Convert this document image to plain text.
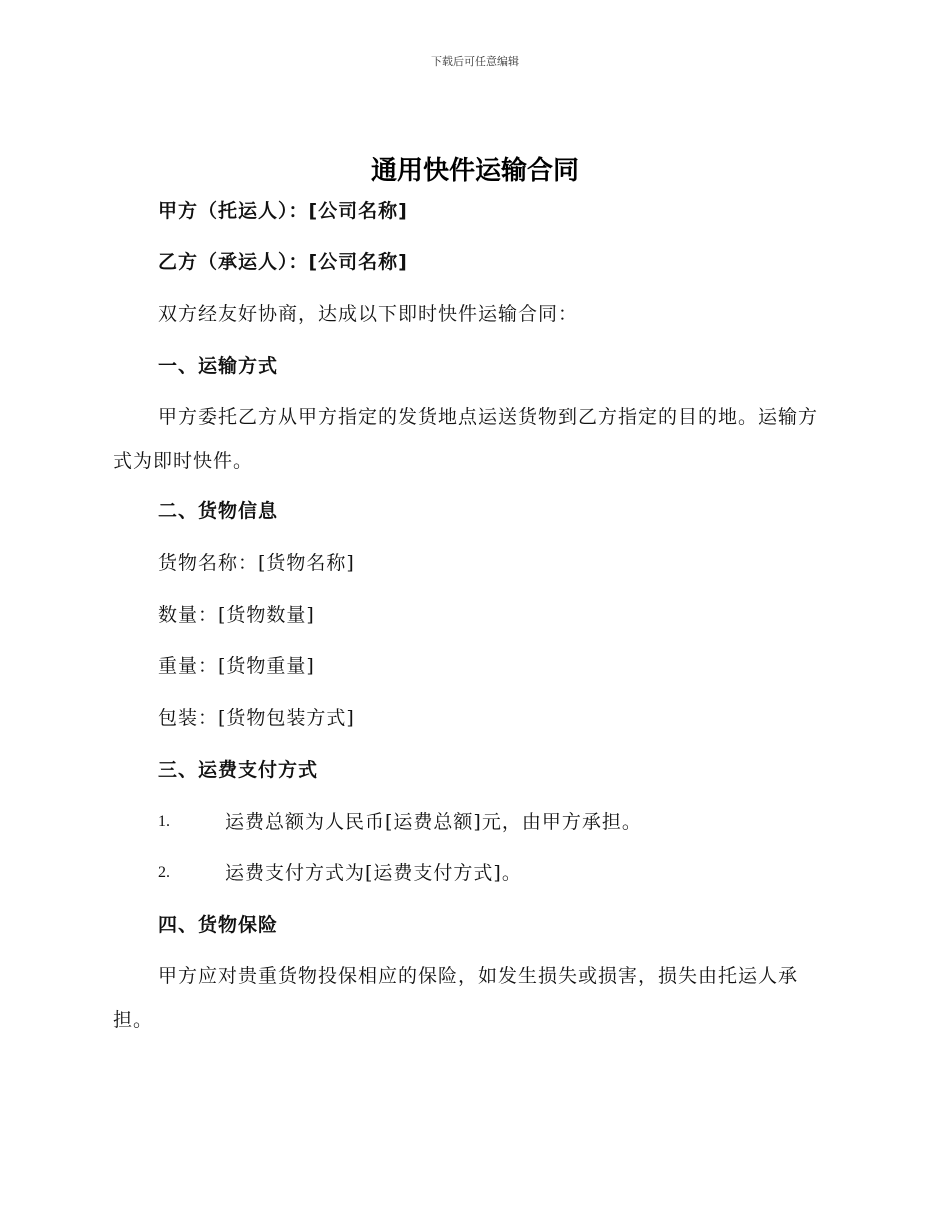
下载后可任意编辑
通用快件运输合同
甲方（托运人）：[公司名称]
乙方（承运人）：[公司名称]
双方经友好协商，达成以下即时快件运输合同：
一、运输方式
甲方委托乙方从甲方指定的发货地点运送货物到乙方指定的目的地。运输方式为即时快件。
二、货物信息
货物名称：[货物名称]
数量：[货物数量]
重量：[货物重量]
包装：[货物包装方式]
三、运费支付方式
1.	运费总额为人民币[运费总额]元，由甲方承担。
2.	运费支付方式为[运费支付方式]。
四、货物保险
甲方应对贵重货物投保相应的保险，如发生损失或损害，损失由托运人承担。
